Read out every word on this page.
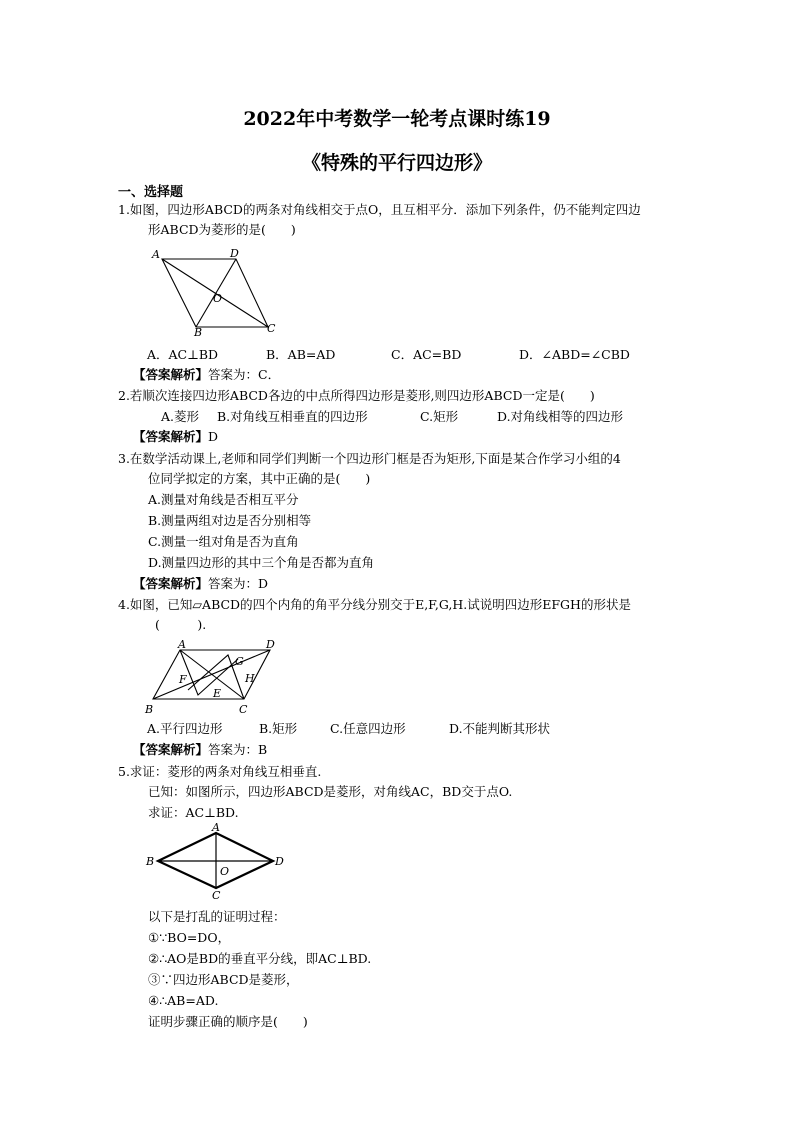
2022年中考数学一轮考点课时练19
《特殊的平行四边形》
一、选择题
1.如图，四边形ABCD的两条对角线相交于点O，且互相平分．添加下列条件，仍不能判定四边
形ABCD为菱形的是(　　)
A	D
B	C
O
A．AC⊥BD	B．AB=AD	C．AC=BD	D．∠ABD=∠CBD
【答案解析】答案为：C．
2.若顺次连接四边形ABCD各边的中点所得四边形是菱形,则四边形ABCD一定是(　　)
A.菱形 B.对角线互相垂直的四边形	C.矩形	D.对角线相等的四边形
【答案解析】D
3.在数学活动课上,老师和同学们判断一个四边形门框是否为矩形,下面是某合作学习小组的4
位同学拟定的方案，其中正确的是(　　)
A.测量对角线是否相互平分
B.测量两组对边是否分别相等
C.测量一组对角是否为直角
D.测量四边形的其中三个角是否都为直角
【答案解析】答案为：D
4.如图，已知▱ABCD的四个内角的角平分线分别交于E,F,G,H.试说明四边形EFGH的形状是
(　　　).
A	D
B	C
F
E
G
H
A.平行四边形	B.矩形	C.任意四边形	D.不能判断其形状
【答案解析】答案为：B
5.求证：菱形的两条对角线互相垂直.
已知：如图所示，四边形ABCD是菱形，对角线AC，BD交于点O.
求证：AC⊥BD.
A
B	D
C
O
以下是打乱的证明过程：
①∵BO=DO，
②∴AO是BD的垂直平分线，即AC⊥BD.
③∵四边形ABCD是菱形，
④∴AB=AD.
证明步骤正确的顺序是(　　)
